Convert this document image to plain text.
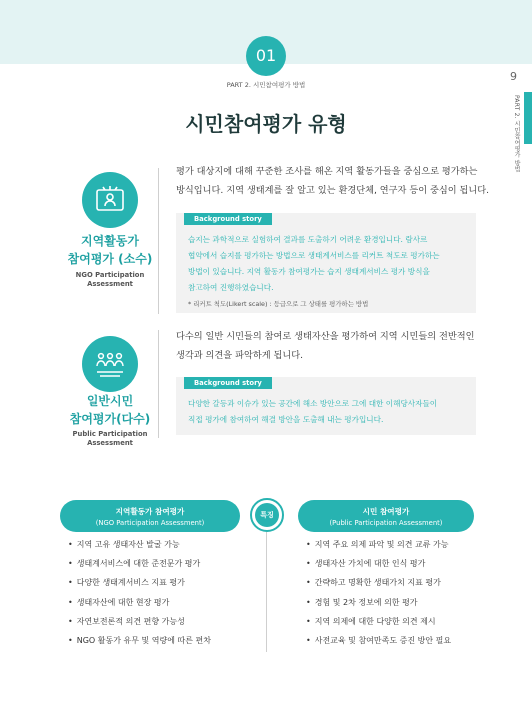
01
PART 2. 시민참여평가 방법
9
PART 2. 시민참여평가 방법
시민참여평가 유형
지역활동가
참여평가 (소수)
NGO Participation
Assessment
평가 대상지에 대해 꾸준한 조사를 해온 지역 활동가들을 중심으로 평가하는
방식입니다. 지역 생태계를 잘 알고 있는 환경단체, 연구자 등이 중심이 됩니다.
Background story
습지는 과학적으로 실험하여 결과를 도출하기 어려운 환경입니다. 람사르
협약에서 습지를 평가하는 방법으로 생태계서비스를 리커트 척도로 평가하는
방법이 있습니다. 지역 활동가 참여평가는 습지 생태계서비스 평가 방식을
참고하여 진행하였습니다.
* 리커트 척도(Likert scale) : 등급으로 그 상태를 평가하는 방법
일반시민
참여평가(다수)
Public Participation
Assessment
다수의 일반 시민들의 참여로 생태자산을 평가하여 지역 시민들의 전반적인
생각과 의견을 파악하게 됩니다.
Background story
다양한 갈등과 이슈가 있는 공간에 해소 방안으로 그에 대한 이해당사자들이
직접 평가에 참여하여 해결 방안을 도출해 내는 평가입니다.
지역활동가 참여평가
(NGO Participation Assessment)
특징	시민 참여평가
(Public Participation Assessment)
• 지역 고유 생태자산 발굴 가능
• 생태계서비스에 대한 준전문가 평가
• 다양한 생태계서비스 지표 평가
• 생태자산에 대한 현장 평가
• 자연보전론적 의견 편향 가능성
• NGO 활동가 유무 및 역량에 따른 편차
• 지역 주요 의제 파악 및 의견 교류 가능
• 생태자산 가치에 대한 인식 평가
• 간략하고 명확한 생태가치 지표 평가
• 경험 및 2차 정보에 의한 평가
• 지역 의제에 대한 다양한 의견 제시
• 사전교육 및 참여만족도 증진 방안 필요
